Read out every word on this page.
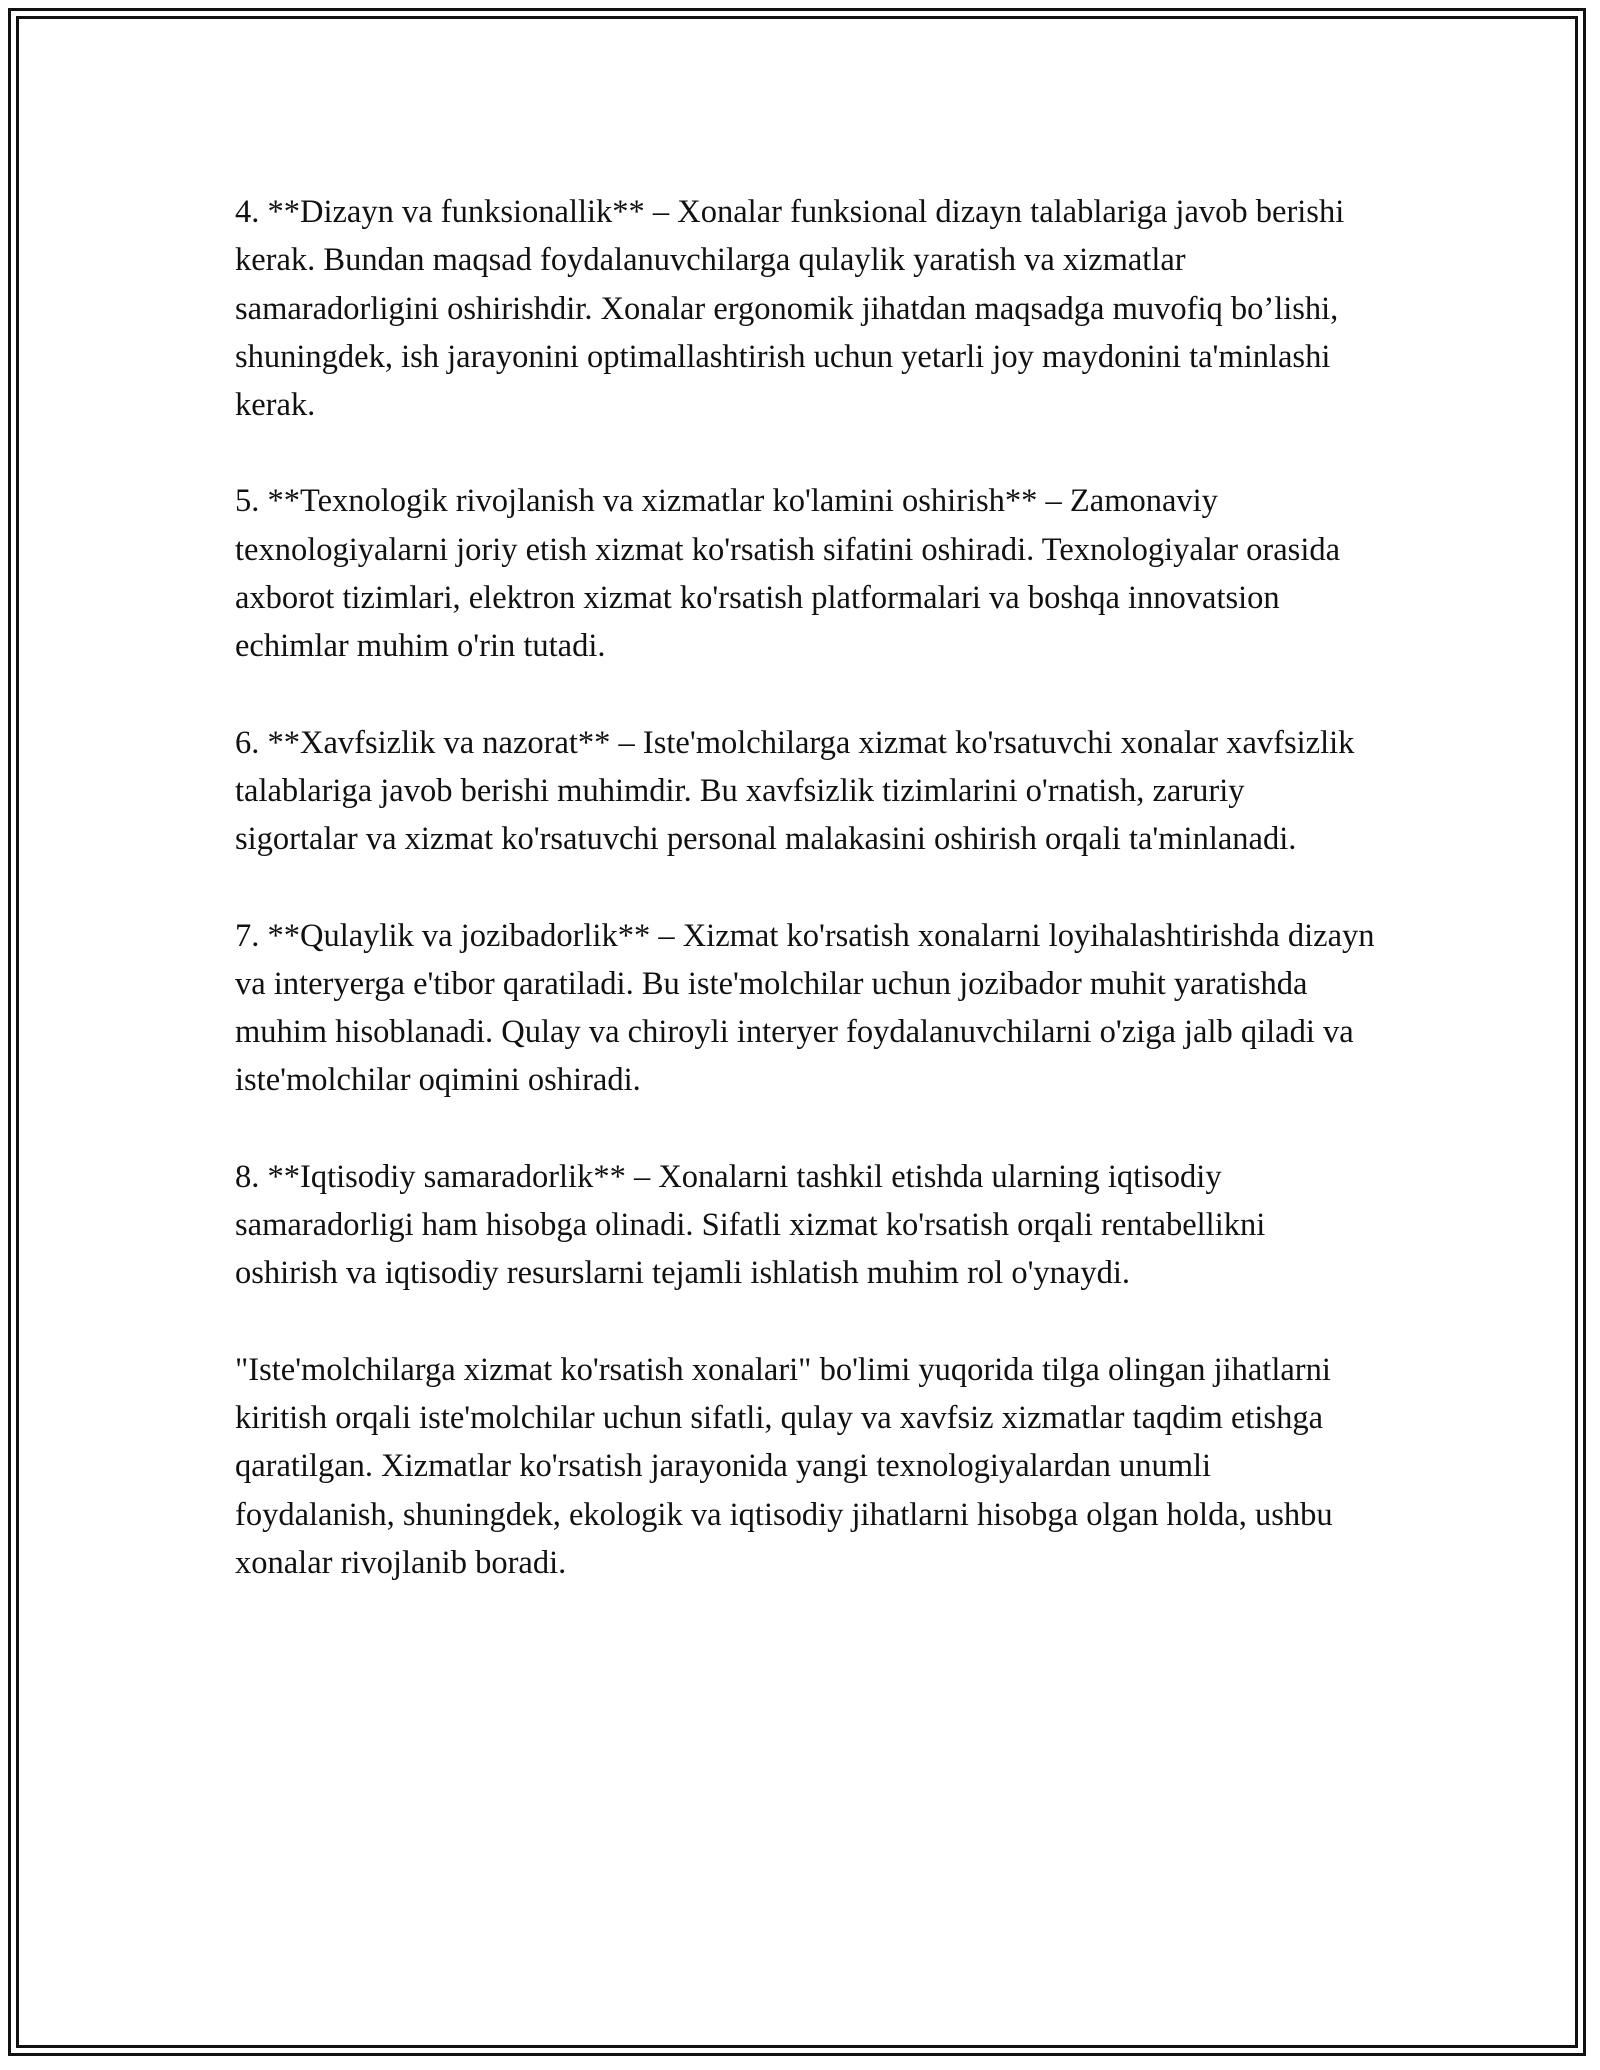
4. **Dizayn va funksionallik** – Xonalar funksional dizayn talablariga javob berishi kerak. Bundan maqsad foydalanuvchilarga qulaylik yaratish va xizmatlar samaradorligini oshirishdir. Xonalar ergonomik jihatdan maqsadga muvofiq bo’lishi, shuningdek, ish jarayonini optimallashtirish uchun yetarli joy maydonini ta'minlashi kerak.

5. **Texnologik rivojlanish va xizmatlar ko'lamini oshirish** – Zamonaviy texnologiyalarni joriy etish xizmat ko'rsatish sifatini oshiradi. Texnologiyalar orasida axborot tizimlari, elektron xizmat ko'rsatish platformalari va boshqa innovatsion echimlar muhim o'rin tutadi.

6. **Xavfsizlik va nazorat** – Iste'molchilarga xizmat ko'rsatuvchi xonalar xavfsizlik talablariga javob berishi muhimdir. Bu xavfsizlik tizimlarini o'rnatish, zaruriy sigortalar va xizmat ko'rsatuvchi personal malakasini oshirish orqali ta'minlanadi.

7. **Qulaylik va jozibadorlik** – Xizmat ko'rsatish xonalarni loyihalashtirishda dizayn va interyerga e'tibor qaratiladi. Bu iste'molchilar uchun jozibador muhit yaratishda muhim hisoblanadi. Qulay va chiroyli interyer foydalanuvchilarni o'ziga jalb qiladi va iste'molchilar oqimini oshiradi.

8. **Iqtisodiy samaradorlik** – Xonalarni tashkil etishda ularning iqtisodiy samaradorligi ham hisobga olinadi. Sifatli xizmat ko'rsatish orqali rentabellikni oshirish va iqtisodiy resurslarni tejamli ishlatish muhim rol o'ynaydi.

"Iste'molchilarga xizmat ko'rsatish xonalari" bo'limi yuqorida tilga olingan jihatlarni kiritish orqali iste'molchilar uchun sifatli, qulay va xavfsiz xizmatlar taqdim etishga qaratilgan. Xizmatlar ko'rsatish jarayonida yangi texnologiyalardan unumli foydalanish, shuningdek, ekologik va iqtisodiy jihatlarni hisobga olgan holda, ushbu xonalar rivojlanib boradi.
